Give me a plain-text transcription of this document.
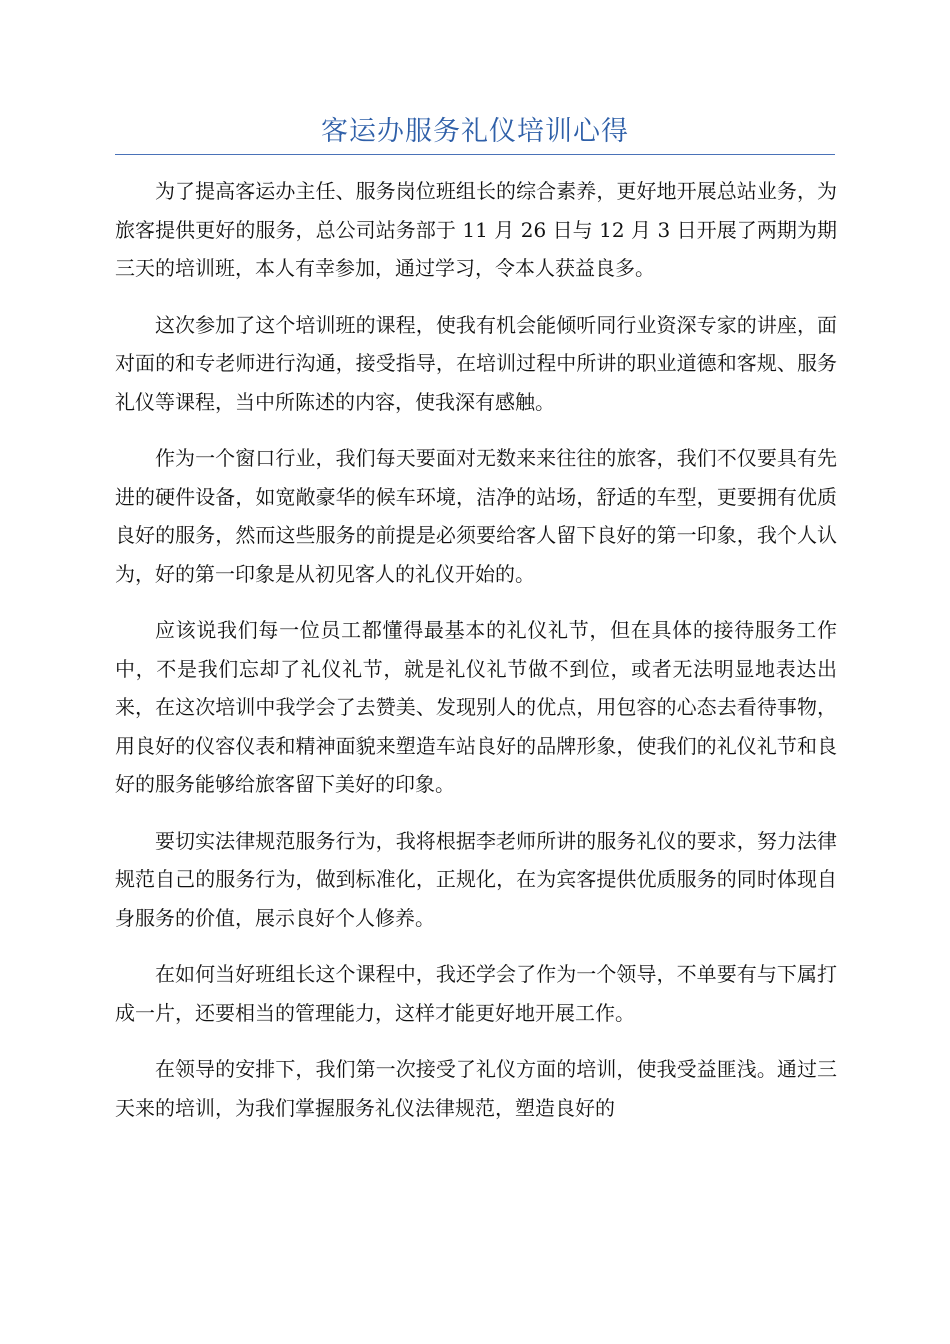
客运办服务礼仪培训心得

为了提高客运办主任、服务岗位班组长的综合素养，更好地开展总站业务，为旅客提供更好的服务，总公司站务部于 11 月 26 日与 12 月 3 日开展了两期为期三天的培训班，本人有幸参加，通过学习，令本人获益良多。

这次参加了这个培训班的课程，使我有机会能倾听同行业资深专家的讲座，面对面的和专老师进行沟通，接受指导，在培训过程中所讲的职业道德和客规、服务礼仪等课程，当中所陈述的内容，使我深有感触。

作为一个窗口行业，我们每天要面对无数来来往往的旅客，我们不仅要具有先进的硬件设备，如宽敞豪华的候车环境，洁净的站场，舒适的车型，更要拥有优质良好的服务，然而这些服务的前提是必须要给客人留下良好的第一印象，我个人认为，好的第一印象是从初见客人的礼仪开始的。

应该说我们每一位员工都懂得最基本的礼仪礼节，但在具体的接待服务工作中，不是我们忘却了礼仪礼节，就是礼仪礼节做不到位，或者无法明显地表达出来，在这次培训中我学会了去赞美、发现别人的优点，用包容的心态去看待事物，用良好的仪容仪表和精神面貌来塑造车站良好的品牌形象，使我们的礼仪礼节和良好的服务能够给旅客留下美好的印象。

要切实法律规范服务行为，我将根据李老师所讲的服务礼仪的要求，努力法律规范自己的服务行为，做到标准化，正规化，在为宾客提供优质服务的同时体现自身服务的价值，展示良好个人修养。

在如何当好班组长这个课程中，我还学会了作为一个领导，不单要有与下属打成一片，还要相当的管理能力，这样才能更好地开展工作。

在领导的安排下，我们第一次接受了礼仪方面的培训，使我受益匪浅。通过三天来的培训，为我们掌握服务礼仪法律规范，塑造良好的
